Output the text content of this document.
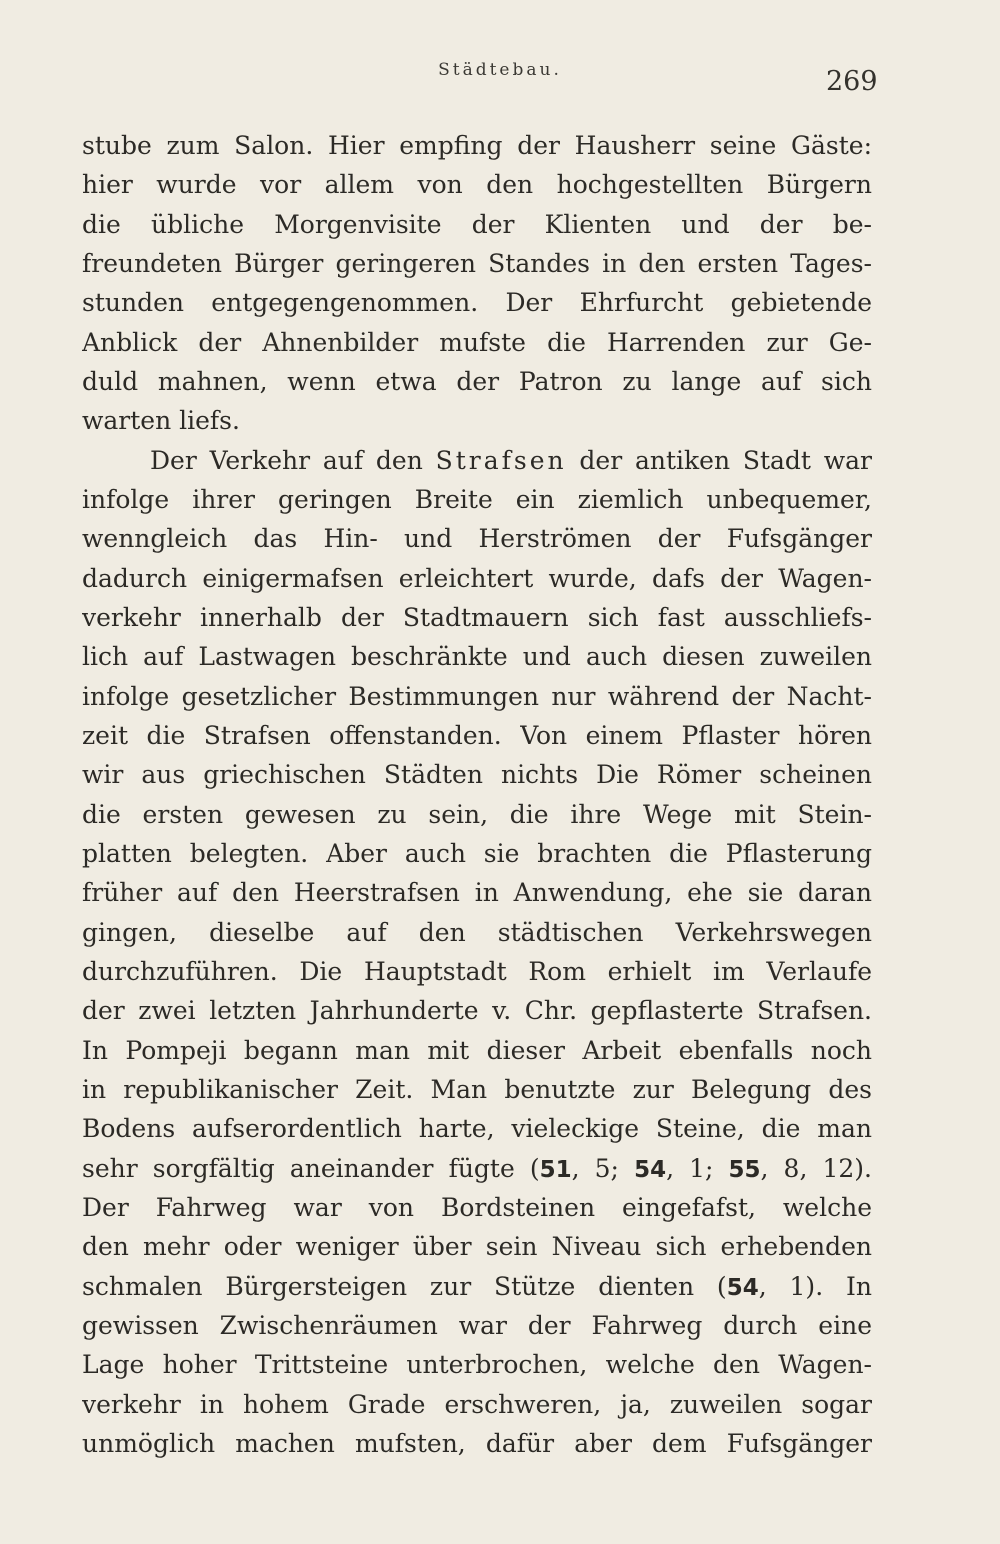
Städtebau.	269
stube zum Salon. Hier empfing der Hausherr seine Gäste:
hier wurde vor allem von den hochgestellten Bürgern
die übliche Morgenvisite der Klienten und der be-
freundeten Bürger geringeren Standes in den ersten Tages-
stunden entgegengenommen. Der Ehrfurcht gebietende
Anblick der Ahnenbilder mufste die Harrenden zur Ge-
duld mahnen, wenn etwa der Patron zu lange auf sich
warten liefs.
Der Verkehr auf den Strafsen der antiken Stadt war
infolge ihrer geringen Breite ein ziemlich unbequemer,
wenngleich das Hin- und Herströmen der Fufsgänger
dadurch einigermafsen erleichtert wurde, dafs der Wagen-
verkehr innerhalb der Stadtmauern sich fast ausschliefs-
lich auf Lastwagen beschränkte und auch diesen zuweilen
infolge gesetzlicher Bestimmungen nur während der Nacht-
zeit die Strafsen offenstanden. Von einem Pflaster hören
wir aus griechischen Städten nichts Die Römer scheinen
die ersten gewesen zu sein, die ihre Wege mit Stein-
platten belegten. Aber auch sie brachten die Pflasterung
früher auf den Heerstrafsen in Anwendung, ehe sie daran
gingen, dieselbe auf den städtischen Verkehrswegen
durchzuführen. Die Hauptstadt Rom erhielt im Verlaufe
der zwei letzten Jahrhunderte v. Chr. gepflasterte Strafsen.
In Pompeji begann man mit dieser Arbeit ebenfalls noch
in republikanischer Zeit. Man benutzte zur Belegung des
Bodens aufserordentlich harte, vieleckige Steine, die man
sehr sorgfältig aneinander fügte (51, 5; 54, 1; 55, 8, 12).
Der Fahrweg war von Bordsteinen eingefafst, welche
den mehr oder weniger über sein Niveau sich erhebenden
schmalen Bürgersteigen zur Stütze dienten (54, 1). In
gewissen Zwischenräumen war der Fahrweg durch eine
Lage hoher Trittsteine unterbrochen, welche den Wagen-
verkehr in hohem Grade erschweren, ja, zuweilen sogar
unmöglich machen mufsten, dafür aber dem Fufsgänger
